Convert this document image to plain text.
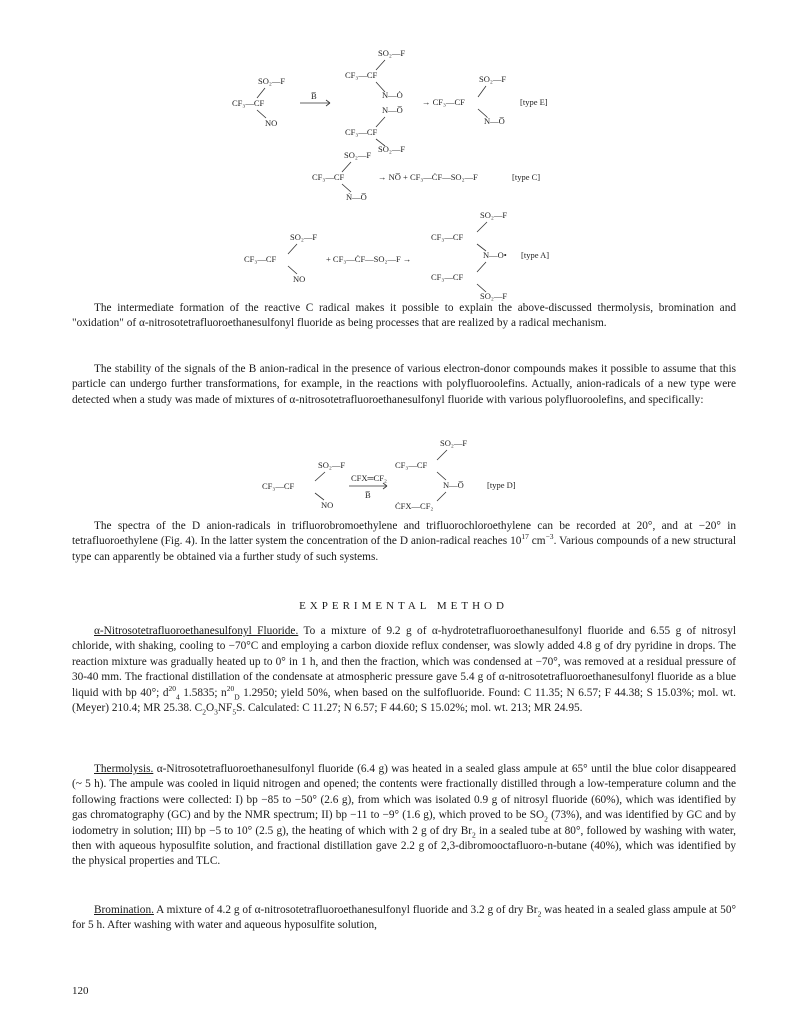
SO₂—F
CF₃—CF
N—Ȯ
N—O̅
CF₃—CF
SO₂—F
SO₂—F
CF₃—CF
NO
B̅
SO₂—F
→ CF₃—CF
Ṅ—O̅
[type E]
SO₂—F
CF₃—CF
Ṅ—O̅
→ NO̅ + CF₃—ĊF—SO₂—F	[type C]
SO₂—F
CF₃—CF
N—O• [type A]
CF₃—CF
SO₂—F
SO₂—F
CF₃—CF
NO
+ CF₃—ĊF—SO₂—F →
SO₂—F
CF₃—CF
N—O̅	[type D]
ĊFX—CF₂
SO₂—F
CF₃—CF
NO
CFX═CF₂
B̅

The intermediate formation of the reactive C radical makes it possible to explain the above-discussed thermolysis, bromination and "oxidation" of α-nitrosotetrafluoroethanesulfonyl fluoride as being processes that are realized by a radical mechanism.

The stability of the signals of the B anion-radical in the presence of various electron-donor compounds makes it possible to assume that this particle can undergo further transformations, for example, in the reactions with polyfluoroolefins. Actually, anion-radicals of a new type were detected when a study was made of mixtures of α-nitrosotetrafluoroethanesulfonyl fluoride with various polyfluoroolefins, and specifically:

The spectra of the D anion-radicals in trifluorobromoethylene and trifluorochloroethylene can be recorded at 20°, and at −20° in tetrafluoroethylene (Fig. 4). In the latter system the concentration of the D anion-radical reaches $10^{17}$ $cm^{-3}$. Various compounds of a new structural type can apparently be obtained via a further study of such systems.

EXPERIMENTAL METHOD

α-Nitrosotetrafluoroethanesulfonyl Fluoride. To a mixture of 9.2 g of α-hydrotetrafluoroethanesulfonyl fluoride and 6.55 g of nitrosyl chloride, with shaking, cooling to −70°C and employing a carbon dioxide reflux condenser, was slowly added 4.8 g of dry pyridine in drops. The reaction mixture was gradually heated up to 0° in 1 h, and then the fraction, which was condensed at −70°, was removed at a residual pressure of 30-40 mm. The fractional distillation of the condensate at atmospheric pressure gave 5.4 g of α-nitrosotetrafluoroethanesulfonyl fluoride as a blue liquid with bp 40°; $d^{20}_4$ 1.5835; $n^{20}_D$ 1.2950; yield 50%, when based on the sulfofluoride. Found: C 11.35; N 6.57; F 44.38; S 15.03%; mol. wt. (Meyer) 210.4; MR 25.38. $C_2O_3NF_5S$. Calculated: C 11.27; N 6.57; F 44.60; S 15.02%; mol. wt. 213; MR 24.95.

Thermolysis. α-Nitrosotetrafluoroethanesulfonyl fluoride (6.4 g) was heated in a sealed glass ampule at 65° until the blue color disappeared (~ 5 h). The ampule was cooled in liquid nitrogen and opened; the contents were fractionally distilled through a low-temperature column and the following fractions were collected: I) bp −85 to −50° (2.6 g), from which was isolated 0.9 g of nitrosyl fluoride (60%), which was identified by gas chromatography (GC) and by the NMR spectrum; II) bp −11 to −9° (1.6 g), which proved to be $SO_2$ (73%), and was identified by GC and by iodometry in solution; III) bp −5 to 10° (2.5 g), the heating of which with 2 g of dry $Br_2$ in a sealed tube at 80°, followed by washing with water, then with aqueous hyposulfite solution, and fractional distillation gave 2.2 g of 2,3-dibromooctafluoro-n-butane (40%), which was identified by the physical properties and TLC.

Bromination. A mixture of 4.2 g of α-nitrosotetrafluoroethanesulfonyl fluoride and 3.2 g of dry $Br_2$ was heated in a sealed glass ampule at 50° for 5 h. After washing with water and aqueous hyposulfite solution,

120
